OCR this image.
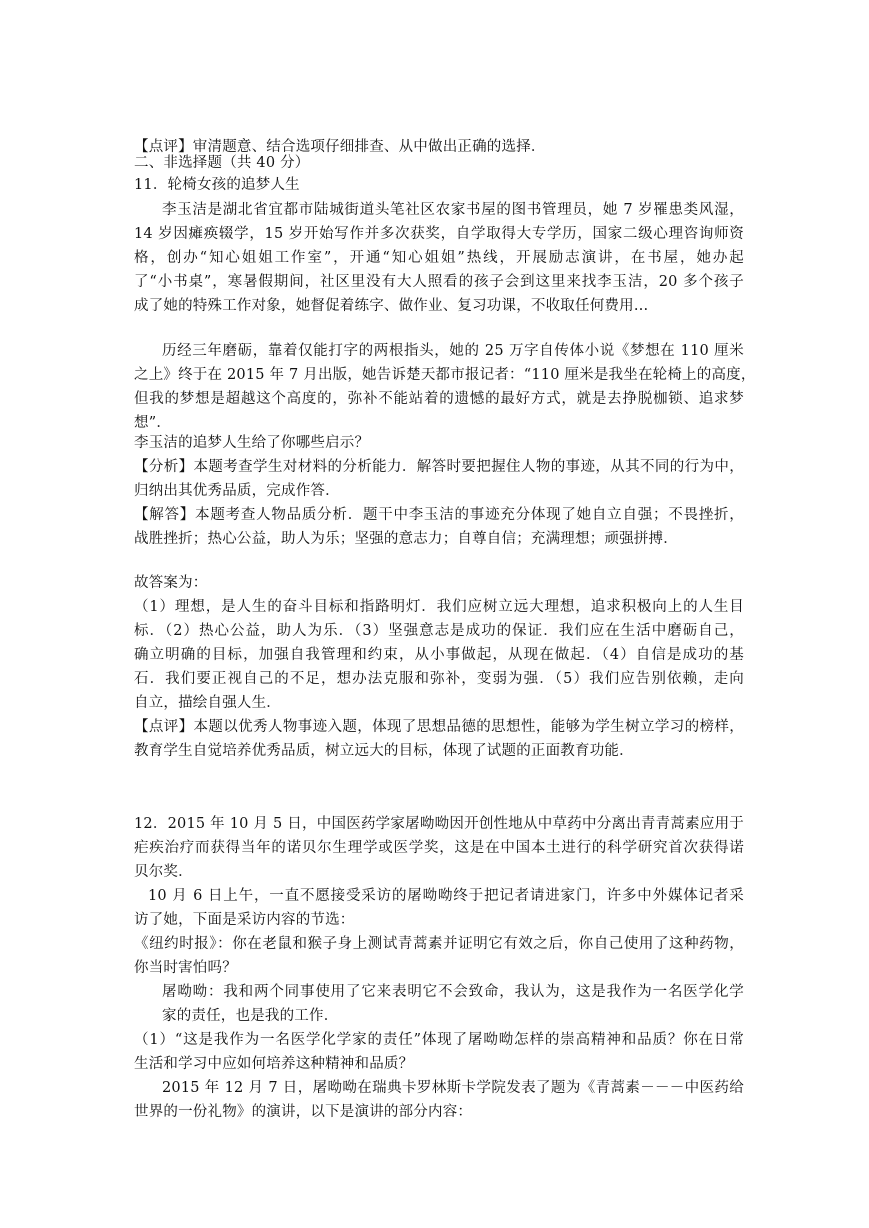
【点评】审清题意、结合选项仔细排查、从中做出正确的选择．
二、非选择题（共 40 分）
11．轮椅女孩的追梦人生
李玉洁是湖北省宜都市陆城街道头笔社区农家书屋的图书管理员，她 7 岁罹患类风湿，
14 岁因瘫痪辍学，15 岁开始写作并多次获奖，自学取得大专学历，国家二级心理咨询师资
格，创办“知心姐姐工作室”，开通“知心姐姐”热线，开展励志演讲，在书屋，她办起
了“小书桌”，寒暑假期间，社区里没有大人照看的孩子会到这里来找李玉洁，20 多个孩子
成了她的特殊工作对象，她督促着练字、做作业、复习功课，不收取任何费用…
历经三年磨砺，靠着仅能打字的两根指头，她的 25 万字自传体小说《梦想在 110 厘米
之上》终于在 2015 年 7 月出版，她告诉楚天都市报记者：“110 厘米是我坐在轮椅上的高度，
但我的梦想是超越这个高度的，弥补不能站着的遗憾的最好方式，就是去挣脱枷锁、追求梦
想”．
李玉洁的追梦人生给了你哪些启示？
【分析】本题考查学生对材料的分析能力．解答时要把握住人物的事迹，从其不同的行为中，
归纳出其优秀品质，完成作答．
【解答】本题考查人物品质分析．题干中李玉洁的事迹充分体现了她自立自强；不畏挫折，
战胜挫折；热心公益，助人为乐；坚强的意志力；自尊自信；充满理想；顽强拼搏．
故答案为：
（1）理想，是人生的奋斗目标和指路明灯．我们应树立远大理想，追求积极向上的人生目
标．（2）热心公益，助人为乐．（3）坚强意志是成功的保证．我们应在生活中磨砺自己，
确立明确的目标，加强自我管理和约束，从小事做起，从现在做起．（4）自信是成功的基
石．我们要正视自己的不足，想办法克服和弥补，变弱为强．（5）我们应告别依赖，走向
自立，描绘自强人生．
【点评】本题以优秀人物事迹入题，体现了思想品德的思想性，能够为学生树立学习的榜样，
教育学生自觉培养优秀品质，树立远大的目标，体现了试题的正面教育功能．
12．2015 年 10 月 5 日，中国医药学家屠呦呦因开创性地从中草药中分离出青青蒿素应用于
疟疾治疗而获得当年的诺贝尔生理学或医学奖，这是在中国本土进行的科学研究首次获得诺
贝尔奖．
10 月 6 日上午，一直不愿接受采访的屠呦呦终于把记者请进家门，许多中外媒体记者采
访了她，下面是采访内容的节选：
《纽约时报》：你在老鼠和猴子身上测试青蒿素并证明它有效之后，你自己使用了这种药物，
你当时害怕吗？
屠呦呦：我和两个同事使用了它来表明它不会致命，我认为，这是我作为一名医学化学
家的责任，也是我的工作．
（1）“这是我作为一名医学化学家的责任”体现了屠呦呦怎样的崇高精神和品质？你在日常
生活和学习中应如何培养这种精神和品质？
2015 年 12 月 7 日，屠呦呦在瑞典卡罗林斯卡学院发表了题为《青蒿素－－－中医药给
世界的一份礼物》的演讲，以下是演讲的部分内容：
